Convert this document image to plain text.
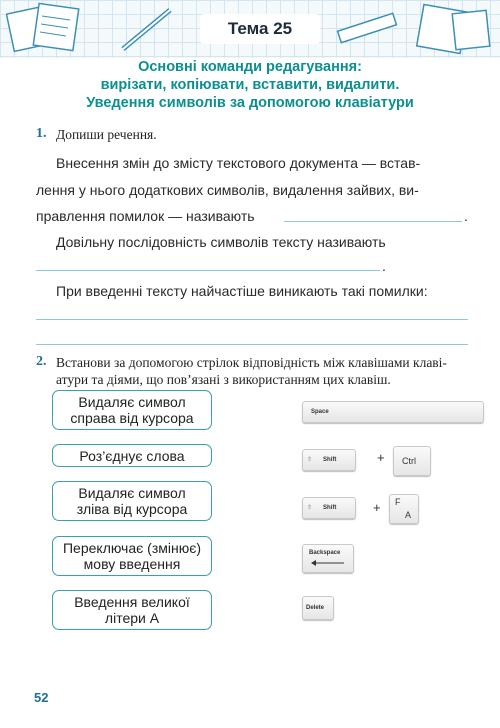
Тема 25
Основні команди редагування:
вирізати, копіювати, вставити, видалити.
Уведення символів за допомогою клавіатури
1. Допиши речення.
Внесення змін до змісту текстового документа — встав-
лення у нього додаткових символів, видалення зайвих, ви-
правлення помилок — називають	.
Довільну послідовність символів тексту називають
.
При введенні тексту найчастіше виникають такі помилки:
2. Встанови за допомогою стрілок відповідність між клавішами клаві-
атури та діями, що пов’язані з використанням цих клавіш.
Видаляє символ
справа від курсора
Роз’єднує слова
Видаляє символ
зліва від курсора
Переключає (змінює)
мову введення
Введення великої
літери А
Space
⇧ Shift	+ Ctrl
⇧ Shift	+ F
A
Backspace
Delete
52
